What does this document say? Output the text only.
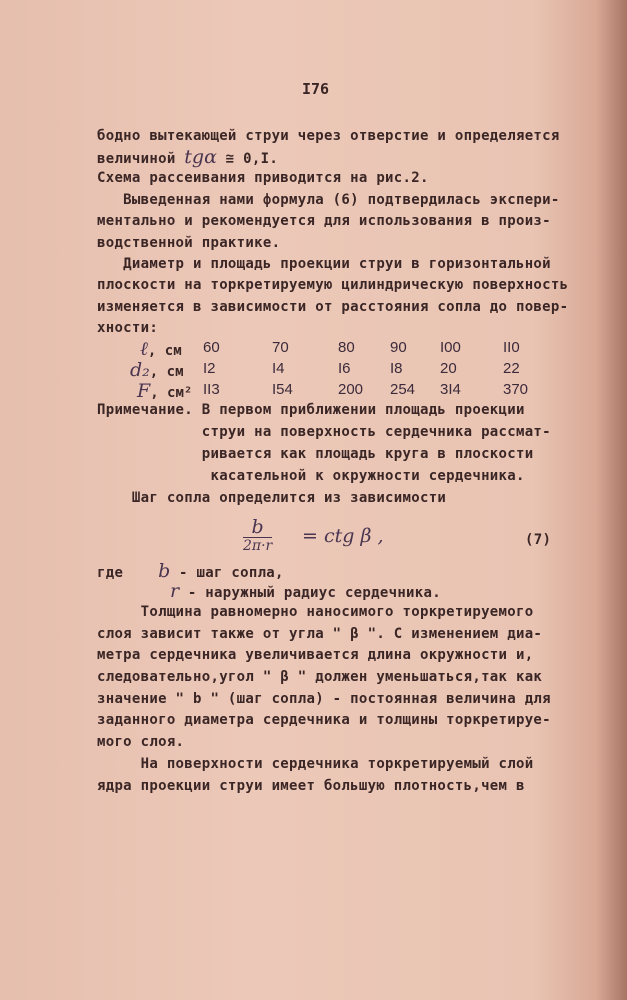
I76
бодно вытекающей струи через отверстие и определяется
величиной tgα ≅ 0,I.
Схема рассеивания приводится на рис.2.
Выведенная нами формула (6) подтвердилась экспери-
ментально и рекомендуется для использования в произ-
водственной практике.
Диаметр и площадь проекции струи в горизонтальной
плоскости на торкретируемую цилиндрическую поверхность
изменяется в зависимости от расстояния сопла до повер-
хности:
ℓ, см 60	70	80 90 I00	II0
d₂, см I2	I4	I6	I8 20	22
F, см² II3	I54	200 254 3I4	370
Примечание. В первом приближении площадь проекции
струи на поверхность сердечника рассмат-
ривается как площадь круга в плоскости
касательной к окружности сердечника.
Шаг сопла определится из зависимости
b
2π·r = ctg β ,	(7)
где b - шаг сопла,
r - наружный радиус сердечника.
Толщина равномерно наносимого торкретируемого
слоя зависит также от угла " β ". С изменением диа-
метра сердечника увеличивается длина окружности и,
следовательно,угол " β " должен уменьшаться,так как
значение " b " (шаг сопла) - постоянная величина для
заданного диаметра сердечника и толщины торкретируе-
мого слоя.
На поверхности сердечника торкретируемый слой
ядра проекции струи имеет большую плотность,чем в
